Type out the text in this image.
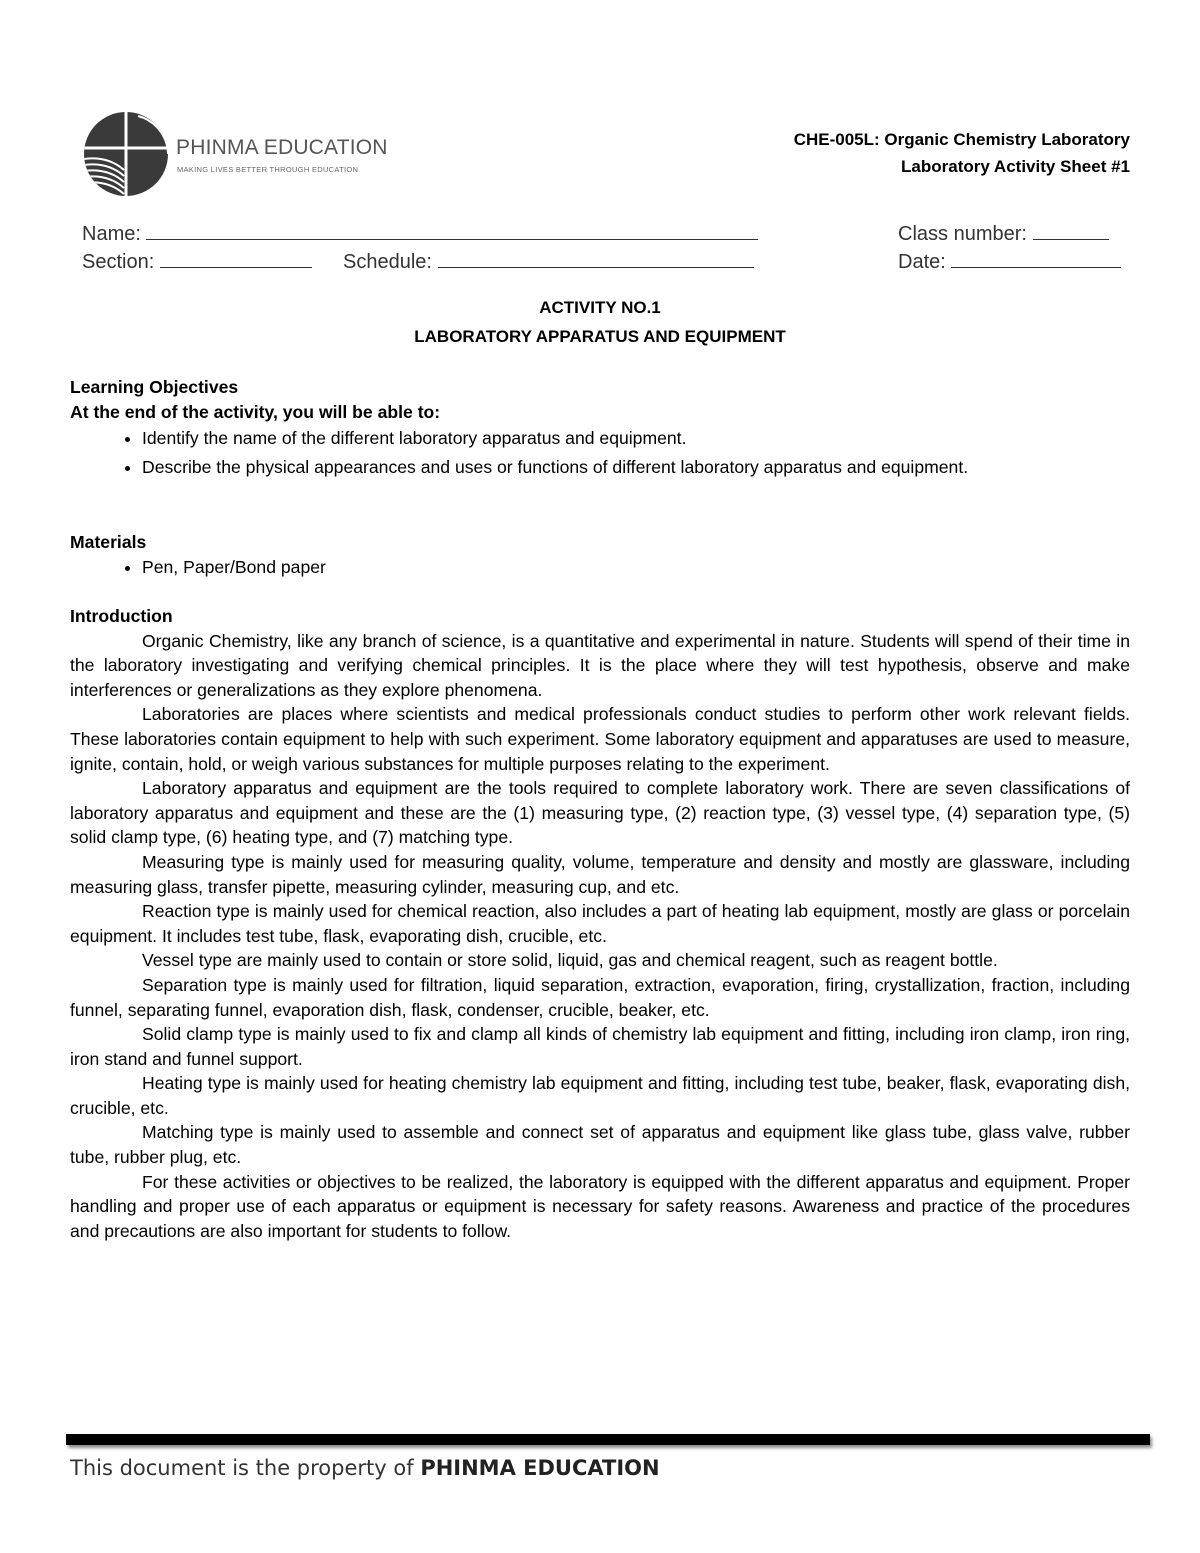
PHINMA EDUCATION
MAKING LIVES BETTER THROUGH EDUCATION
CHE-005L: Organic Chemistry Laboratory
Laboratory Activity Sheet #1
Name:	Class number:
Section:	Schedule:	Date:
ACTIVITY NO.1
LABORATORY APPARATUS AND EQUIPMENT
Learning Objectives
At the end of the activity, you will be able to:
• Identify the name of the different laboratory apparatus and equipment.
• Describe the physical appearances and uses or functions of different laboratory apparatus and equipment.
Materials
• Pen, Paper/Bond paper
Introduction

Organic Chemistry, like any branch of science, is a quantitative and experimental in nature. Students will spend of their time in the laboratory investigating and verifying chemical principles. It is the place where they will test hypothesis, observe and make interferences or generalizations as they explore phenomena.

Laboratories are places where scientists and medical professionals conduct studies to perform other work relevant fields. These laboratories contain equipment to help with such experiment. Some laboratory equipment and apparatuses are used to measure, ignite, contain, hold, or weigh various substances for multiple purposes relating to the experiment.

Laboratory apparatus and equipment are the tools required to complete laboratory work. There are seven classifications of laboratory apparatus and equipment and these are the (1) measuring type, (2) reaction type, (3) vessel type, (4) separation type, (5) solid clamp type, (6) heating type, and (7) matching type.

Measuring type is mainly used for measuring quality, volume, temperature and density and mostly are glassware, including measuring glass, transfer pipette, measuring cylinder, measuring cup, and etc.

Reaction type is mainly used for chemical reaction, also includes a part of heating lab equipment, mostly are glass or porcelain equipment. It includes test tube, flask, evaporating dish, crucible, etc.

Vessel type are mainly used to contain or store solid, liquid, gas and chemical reagent, such as reagent bottle.

Separation type is mainly used for filtration, liquid separation, extraction, evaporation, firing, crystallization, fraction, including funnel, separating funnel, evaporation dish, flask, condenser, crucible, beaker, etc.

Solid clamp type is mainly used to fix and clamp all kinds of chemistry lab equipment and fitting, including iron clamp, iron ring, iron stand and funnel support.

Heating type is mainly used for heating chemistry lab equipment and fitting, including test tube, beaker, flask, evaporating dish, crucible, etc.

Matching type is mainly used to assemble and connect set of apparatus and equipment like glass tube, glass valve, rubber tube, rubber plug, etc.

For these activities or objectives to be realized, the laboratory is equipped with the different apparatus and equipment. Proper handling and proper use of each apparatus or equipment is necessary for safety reasons. Awareness and practice of the procedures and precautions are also important for students to follow.

This document is the property of PHINMA EDUCATION
